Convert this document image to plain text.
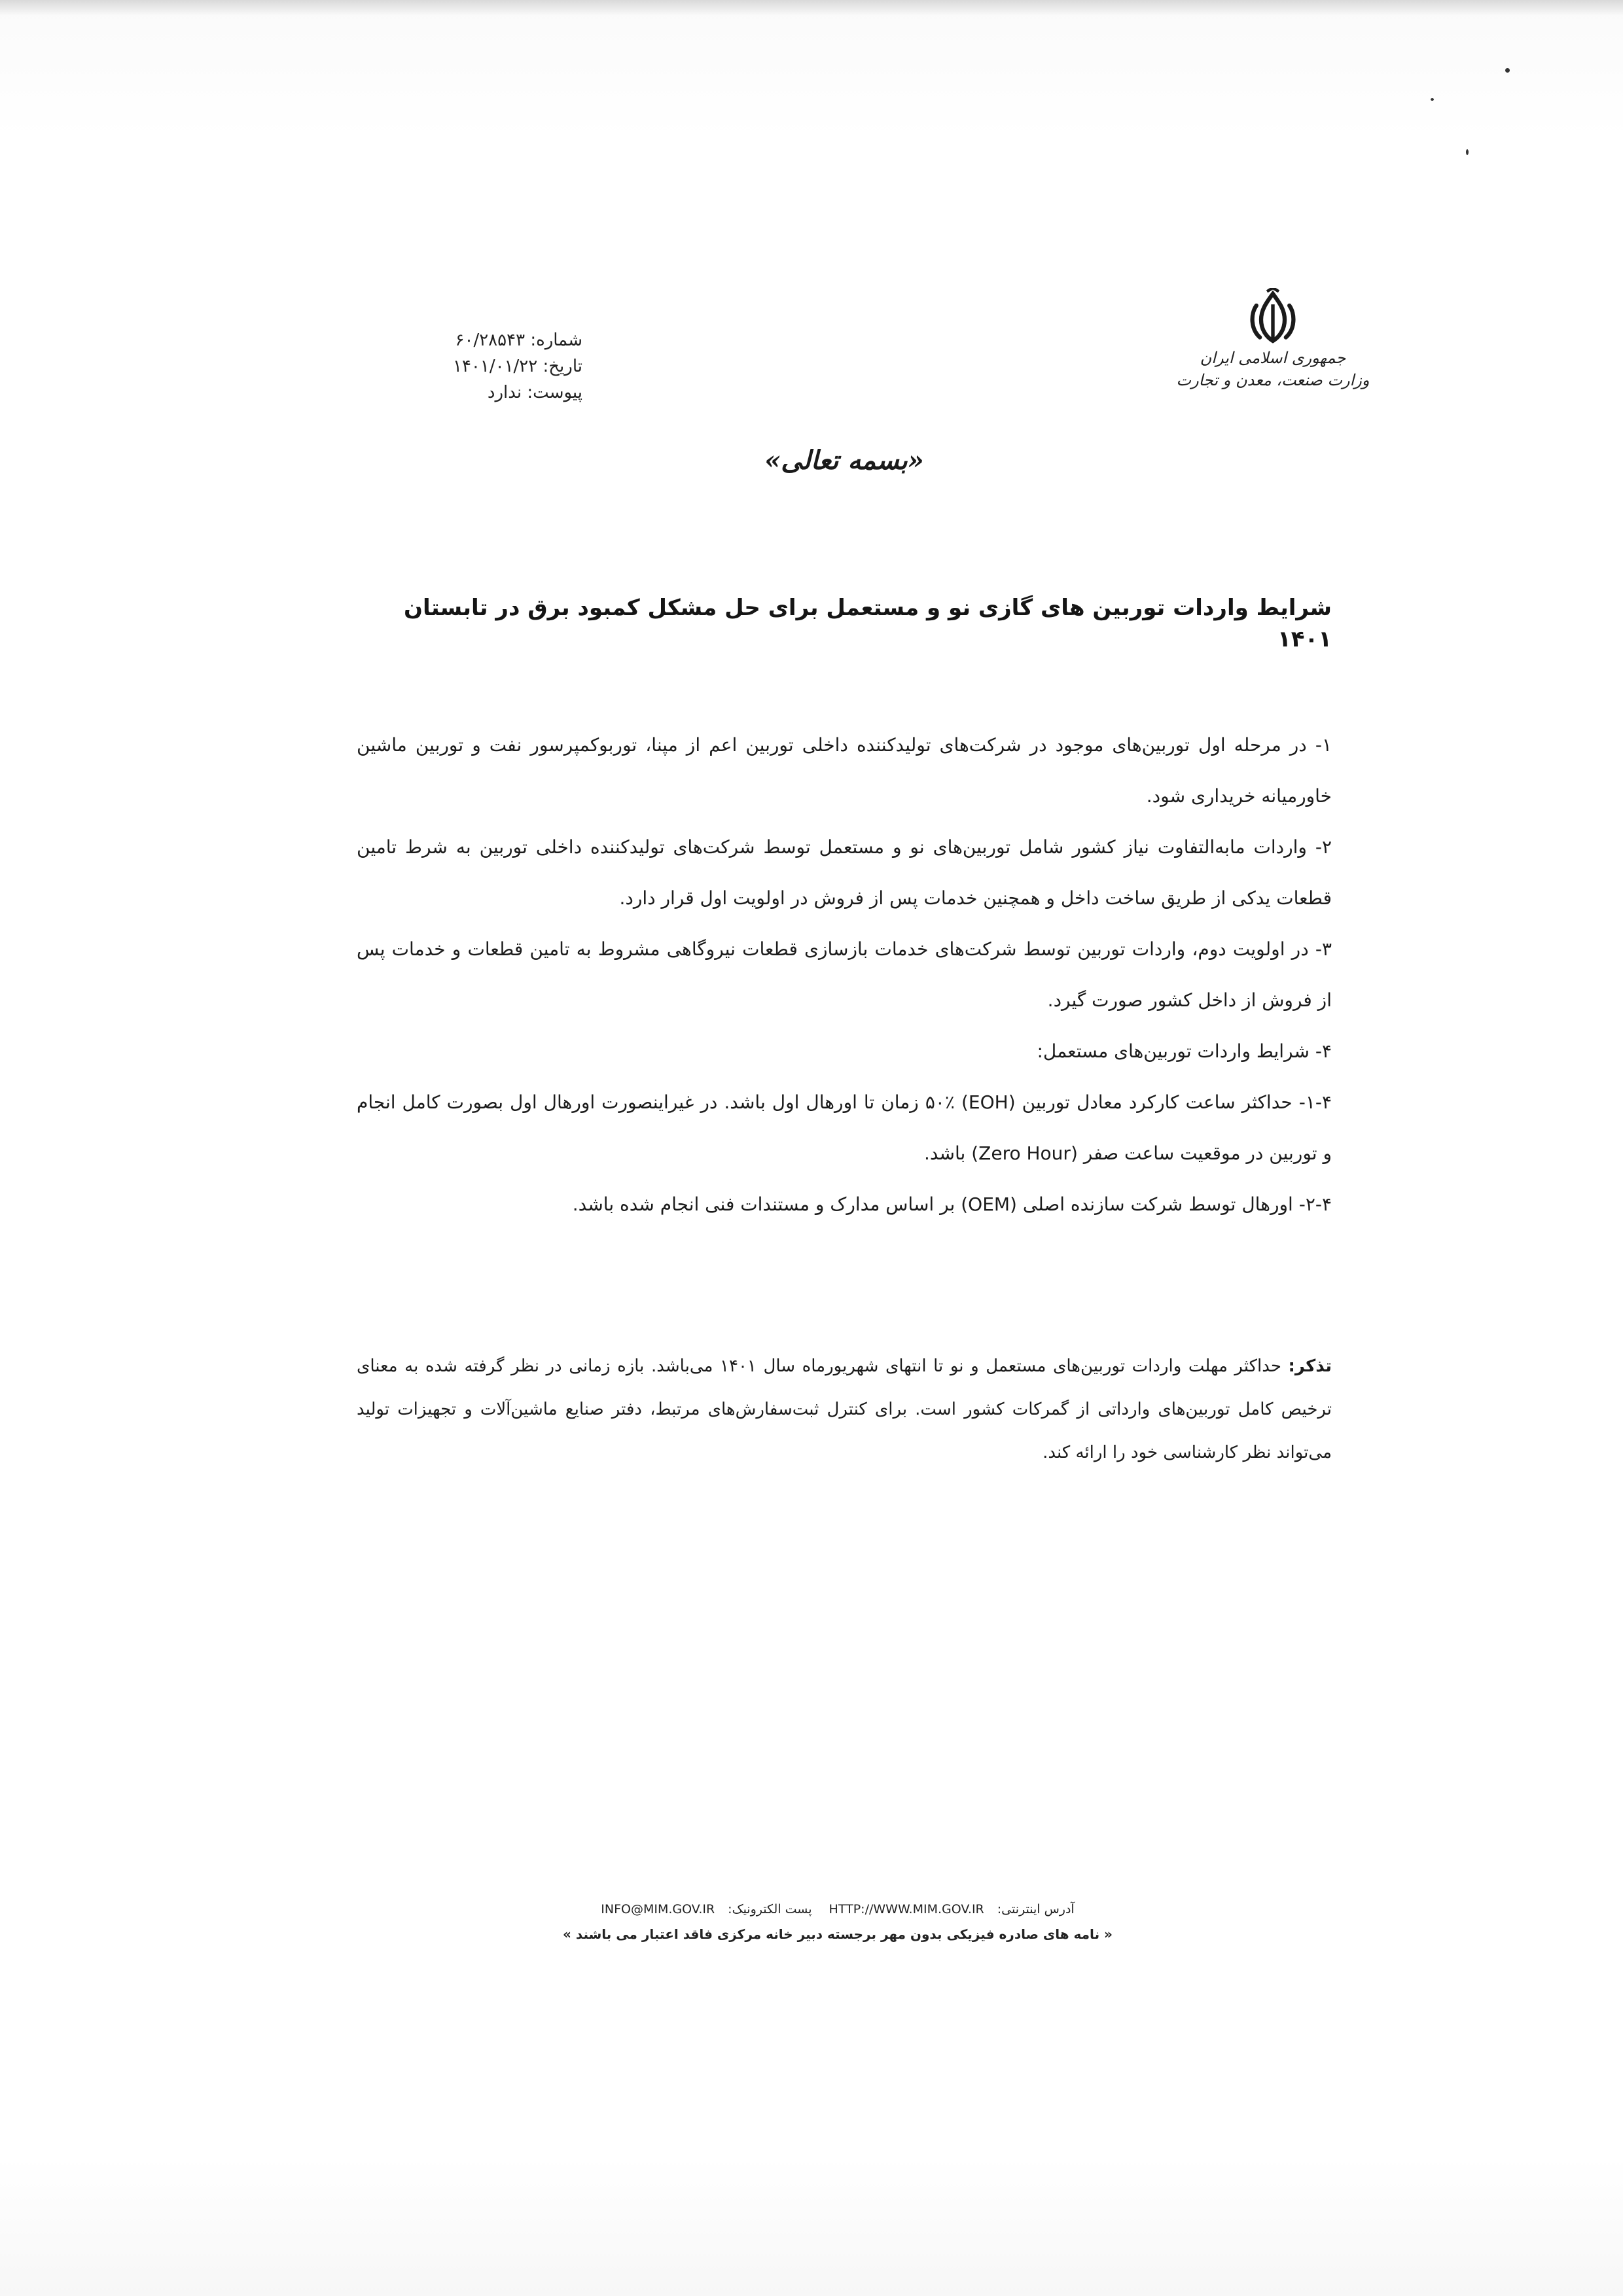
جمهوری اسلامی ایران
وزارت صنعت، معدن و تجارت
شماره: ۶۰/۲۸۵۴۳
تاریخ: ۱۴۰۱/۰۱/۲۲
پیوست: ندارد
«بسمه تعالی»
شرایط واردات توربین های گازی نو و مستعمل برای حل مشکل کمبود برق در تابستان ۱۴۰۱

۱- در مرحله اول توربین‌های موجود در شرکت‌های تولیدکننده داخلی توربین اعم از مپنا، توربوکمپرسور نفت و توربین ماشین خاورمیانه خریداری شود.

۲- واردات مابه‌التفاوت نیاز کشور شامل توربین‌های نو و مستعمل توسط شرکت‌های تولیدکننده داخلی توربین به شرط تامین قطعات یدکی از طریق ساخت داخل و همچنین خدمات پس از فروش در اولویت اول قرار دارد.

۳- در اولویت دوم، واردات توربین توسط شرکت‌های خدمات بازسازی قطعات نیروگاهی مشروط به تامین قطعات و خدمات پس از فروش از داخل کشور صورت گیرد.

۴- شرایط واردات توربین‌های مستعمل:

۱-۴- حداکثر ساعت کارکرد معادل توربین (EOH) ۵۰٪ زمان تا اورهال اول باشد. در غیراینصورت اورهال اول بصورت کامل انجام و توربین در موقعیت ساعت صفر (Zero Hour) باشد.

۲-۴- اورهال توسط شرکت سازنده اصلی (OEM) بر اساس مدارک و مستندات فنی انجام شده باشد.

تذکر: حداکثر مهلت واردات توربین‌های مستعمل و نو تا انتهای شهریورماه سال ۱۴۰۱ می‌باشد. بازه زمانی در نظر گرفته شده به معنای ترخیص کامل توربین‌های وارداتی از گمرکات کشور است. برای کنترل ثبت‌سفارش‌های مرتبط، دفتر صنایع ماشین‌آلات و تجهیزات تولید می‌تواند نظر کارشناسی خود را ارائه کند.
آدرس اینترنتی:HTTP://WWW.MIM.GOV.IR پست الکترونیک:INFO@MIM.GOV.IR
« نامه های صادره فیزیکی بدون مهر برجسته دبیر خانه مرکزی فاقد اعتبار می باشند »
